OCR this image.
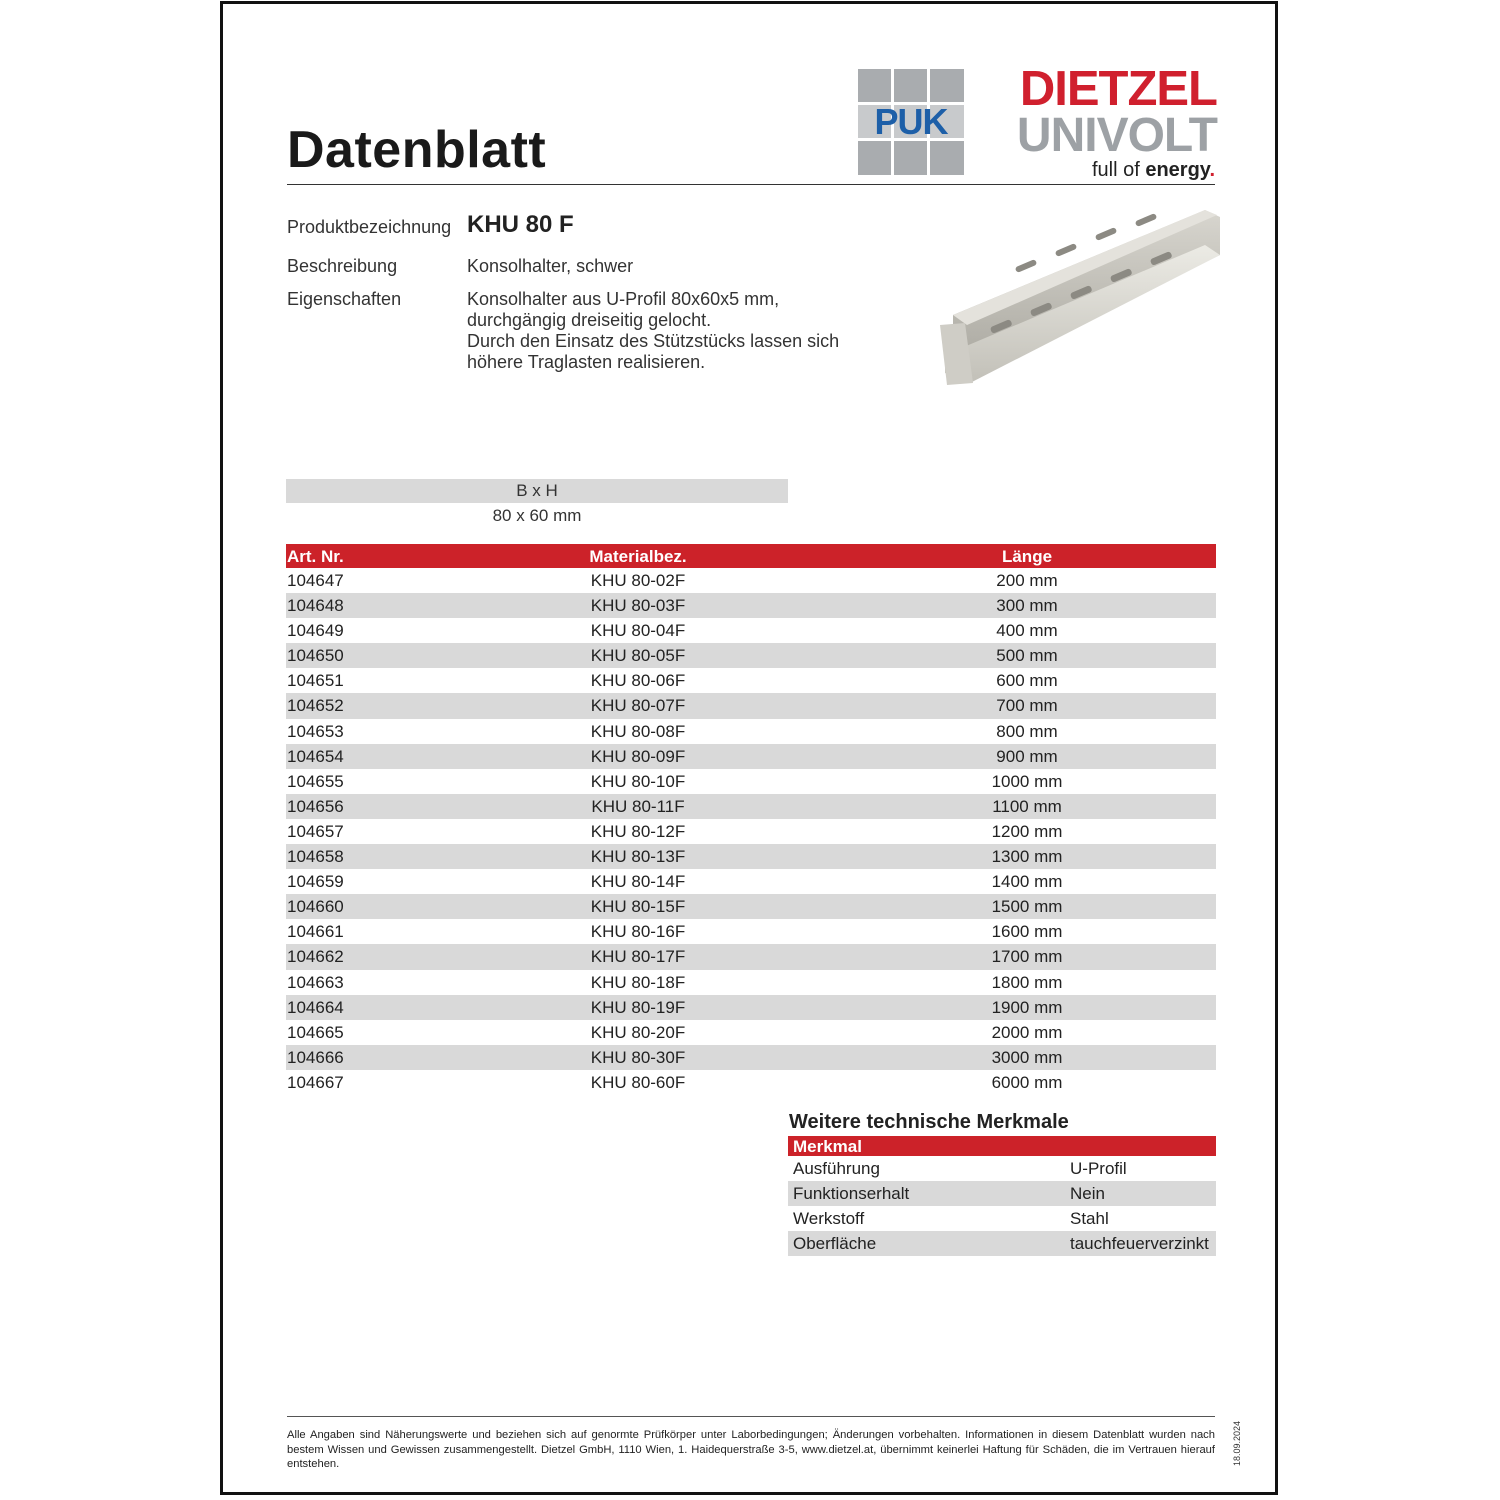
Datenblatt	PUK
DIETZEL
UNIVOLT
full of energy.
Produktbezeichnung KHU 80 F
Beschreibung	Konsolhalter, schwer
Eigenschaften	Konsolhalter aus U-Profil 80x60x5 mm,
durchgängig dreiseitig gelocht.
Durch den Einsatz des Stützstücks lassen sich
höhere Traglasten realisieren.
B x H
80 x 60 mm
Art. Nr.	Materialbez.	Länge
104647	KHU 80-02F	200 mm
104648	KHU 80-03F	300 mm
104649	KHU 80-04F	400 mm
104650	KHU 80-05F	500 mm
104651	KHU 80-06F	600 mm
104652	KHU 80-07F	700 mm
104653	KHU 80-08F	800 mm
104654	KHU 80-09F	900 mm
104655	KHU 80-10F	1000 mm
104656	KHU 80-11F	1100 mm
104657	KHU 80-12F	1200 mm
104658	KHU 80-13F	1300 mm
104659	KHU 80-14F	1400 mm
104660	KHU 80-15F	1500 mm
104661	KHU 80-16F	1600 mm
104662	KHU 80-17F	1700 mm
104663	KHU 80-18F	1800 mm
104664	KHU 80-19F	1900 mm
104665	KHU 80-20F	2000 mm
104666	KHU 80-30F	3000 mm
104667	KHU 80-60F	6000 mm
Weitere technische Merkmale
Merkmal
Ausführung	U-Profil
Funktionserhalt	Nein
Werkstoff	Stahl
Oberfläche	tauchfeuerverzinkt
Alle Angaben sind Näherungswerte und beziehen sich auf genormte Prüfkörper unter Laborbedingungen; Änderungen vorbehalten. Informationen in diesem Datenblatt wurden nach bestem Wissen und Gewissen zusammengestellt. Dietzel GmbH, 1110 Wien, 1. Haidequerstraße 3-5, www.dietzel.at, übernimmt keinerlei Haftung für Schäden, die im Vertrauen hierauf entstehen.	18.09.2024
